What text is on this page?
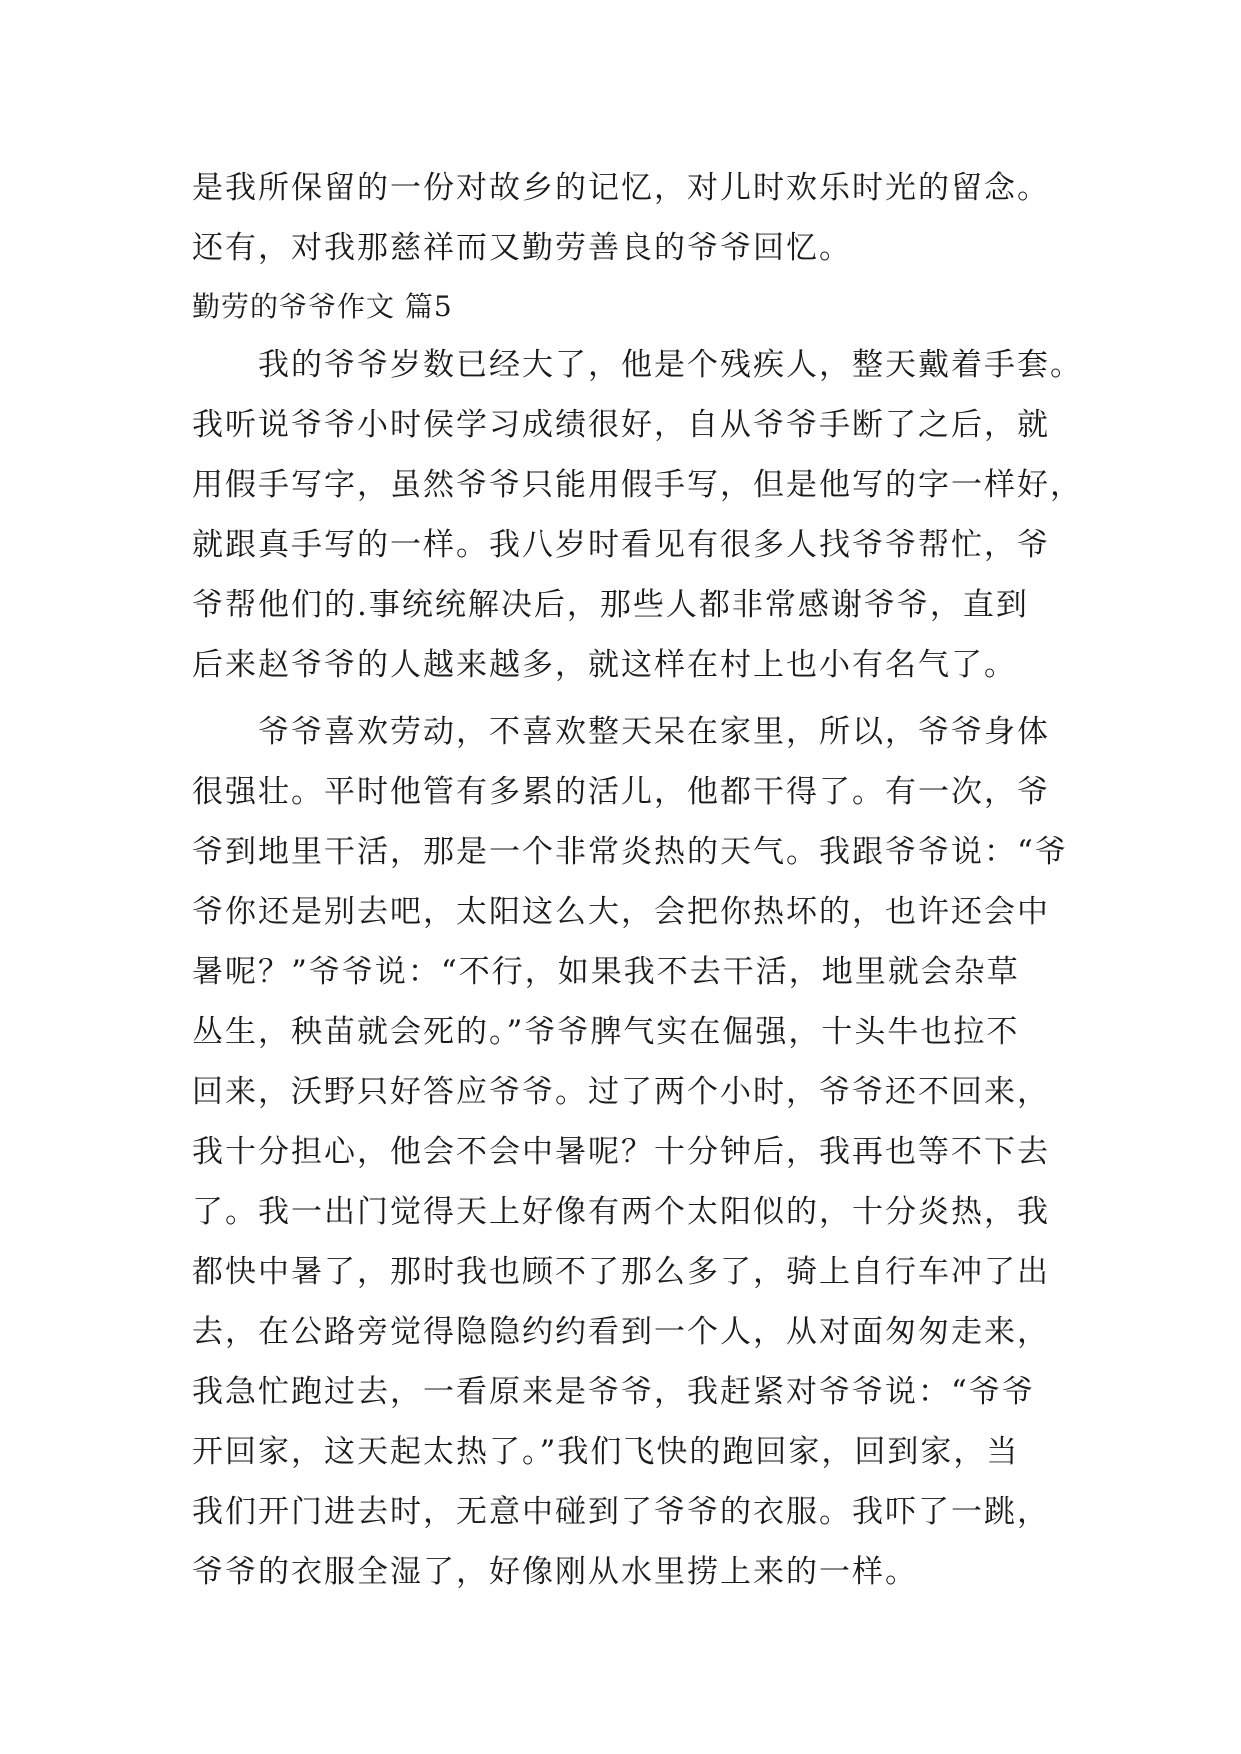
是我所保留的一份对故乡的记忆，对儿时欢乐时光的留念。
还有，对我那慈祥而又勤劳善良的爷爷回忆。
勤劳的爷爷作文 篇5
　　我的爷爷岁数已经大了，他是个残疾人，整天戴着手套。
我听说爷爷小时侯学习成绩很好，自从爷爷手断了之后，就
用假手写字，虽然爷爷只能用假手写，但是他写的字一样好，
就跟真手写的一样。我八岁时看见有很多人找爷爷帮忙，爷
爷帮他们的.事统统解决后，那些人都非常感谢爷爷，直到
后来赵爷爷的人越来越多，就这样在村上也小有名气了。
　　爷爷喜欢劳动，不喜欢整天呆在家里，所以，爷爷身体
很强壮。平时他管有多累的活儿，他都干得了。有一次，爷
爷到地里干活，那是一个非常炎热的天气。我跟爷爷说：“爷
爷你还是别去吧，太阳这么大，会把你热坏的，也许还会中
暑呢？”爷爷说：“不行，如果我不去干活，地里就会杂草
丛生，秧苗就会死的。”爷爷脾气实在倔强，十头牛也拉不
回来，沃野只好答应爷爷。过了两个小时，爷爷还不回来，
我十分担心，他会不会中暑呢？十分钟后，我再也等不下去
了。我一出门觉得天上好像有两个太阳似的，十分炎热，我
都快中暑了，那时我也顾不了那么多了，骑上自行车冲了出
去，在公路旁觉得隐隐约约看到一个人，从对面匆匆走来，
我急忙跑过去，一看原来是爷爷，我赶紧对爷爷说：“爷爷
开回家，这天起太热了。”我们飞快的跑回家，回到家，当
我们开门进去时，无意中碰到了爷爷的衣服。我吓了一跳，
爷爷的衣服全湿了，好像刚从水里捞上来的一样。
